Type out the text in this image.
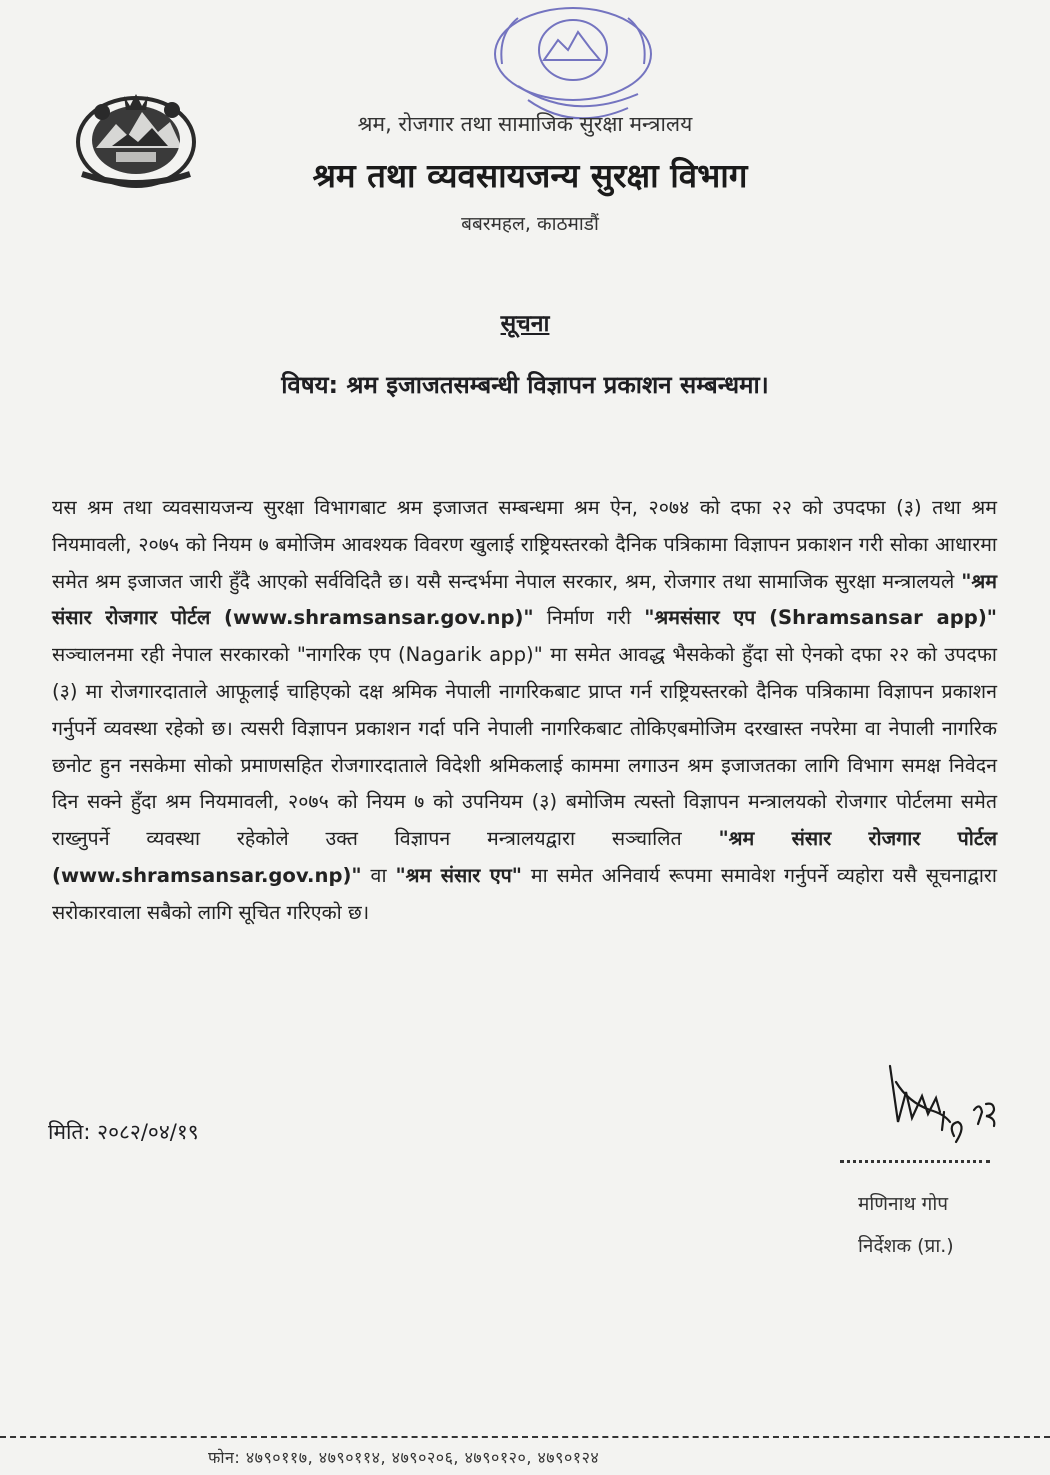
श्रम, रोजगार तथा सामाजिक सुरक्षा मन्त्रालय
श्रम तथा व्यवसायजन्य सुरक्षा विभाग
बबरमहल, काठमाडौं
सूचना
विषय: श्रम इजाजतसम्बन्धी विज्ञापन प्रकाशन सम्बन्धमा।
यस श्रम तथा व्यवसायजन्य सुरक्षा विभागबाट श्रम इजाजत सम्बन्धमा श्रम ऐन, २०७४ को दफा २२ को उपदफा (३) तथा श्रम नियमावली, २०७५ को नियम ७ बमोजिम आवश्यक विवरण खुलाई राष्ट्रियस्तरको दैनिक पत्रिकामा विज्ञापन प्रकाशन गरी सोका आधारमा समेत श्रम इजाजत जारी हुँदै आएको सर्वविदितै छ। यसै सन्दर्भमा नेपाल सरकार, श्रम, रोजगार तथा सामाजिक सुरक्षा मन्त्रालयले "श्रम संसार रोजगार पोर्टल (www.shramsansar.gov.np)" निर्माण गरी "श्रमसंसार एप (Shramsansar app)" सञ्चालनमा रही नेपाल सरकारको "नागरिक एप (Nagarik app)" मा समेत आवद्ध भैसकेको हुँदा सो ऐनको दफा २२ को उपदफा (३) मा रोजगारदाताले आफूलाई चाहिएको दक्ष श्रमिक नेपाली नागरिकबाट प्राप्त गर्न राष्ट्रियस्तरको दैनिक पत्रिकामा विज्ञापन प्रकाशन गर्नुपर्ने व्यवस्था रहेको छ। त्यसरी विज्ञापन प्रकाशन गर्दा पनि नेपाली नागरिकबाट तोकिएबमोजिम दरखास्त नपरेमा वा नेपाली नागरिक छनोट हुन नसकेमा सोको प्रमाणसहित रोजगारदाताले विदेशी श्रमिकलाई काममा लगाउन श्रम इजाजतका लागि विभाग समक्ष निवेदन दिन सक्ने हुँदा श्रम नियमावली, २०७५ को नियम ७ को उपनियम (३) बमोजिम त्यस्तो विज्ञापन मन्त्रालयको रोजगार पोर्टलमा समेत राख्नुपर्ने व्यवस्था रहेकोले उक्त विज्ञापन मन्त्रालयद्वारा सञ्चालित "श्रम संसार रोजगार पोर्टल (www.shramsansar.gov.np)" वा "श्रम संसार एप" मा समेत अनिवार्य रूपमा समावेश गर्नुपर्ने व्यहोरा यसै सूचनाद्वारा सरोकारवाला सबैको लागि सूचित गरिएको छ।
मिति: २०८२/०४/१९
मणिनाथ गोप
निर्देशक (प्रा.)
फोन: ४७९०११७, ४७९०११४, ४७९०२०६, ४७९०१२०, ४७९०१२४
